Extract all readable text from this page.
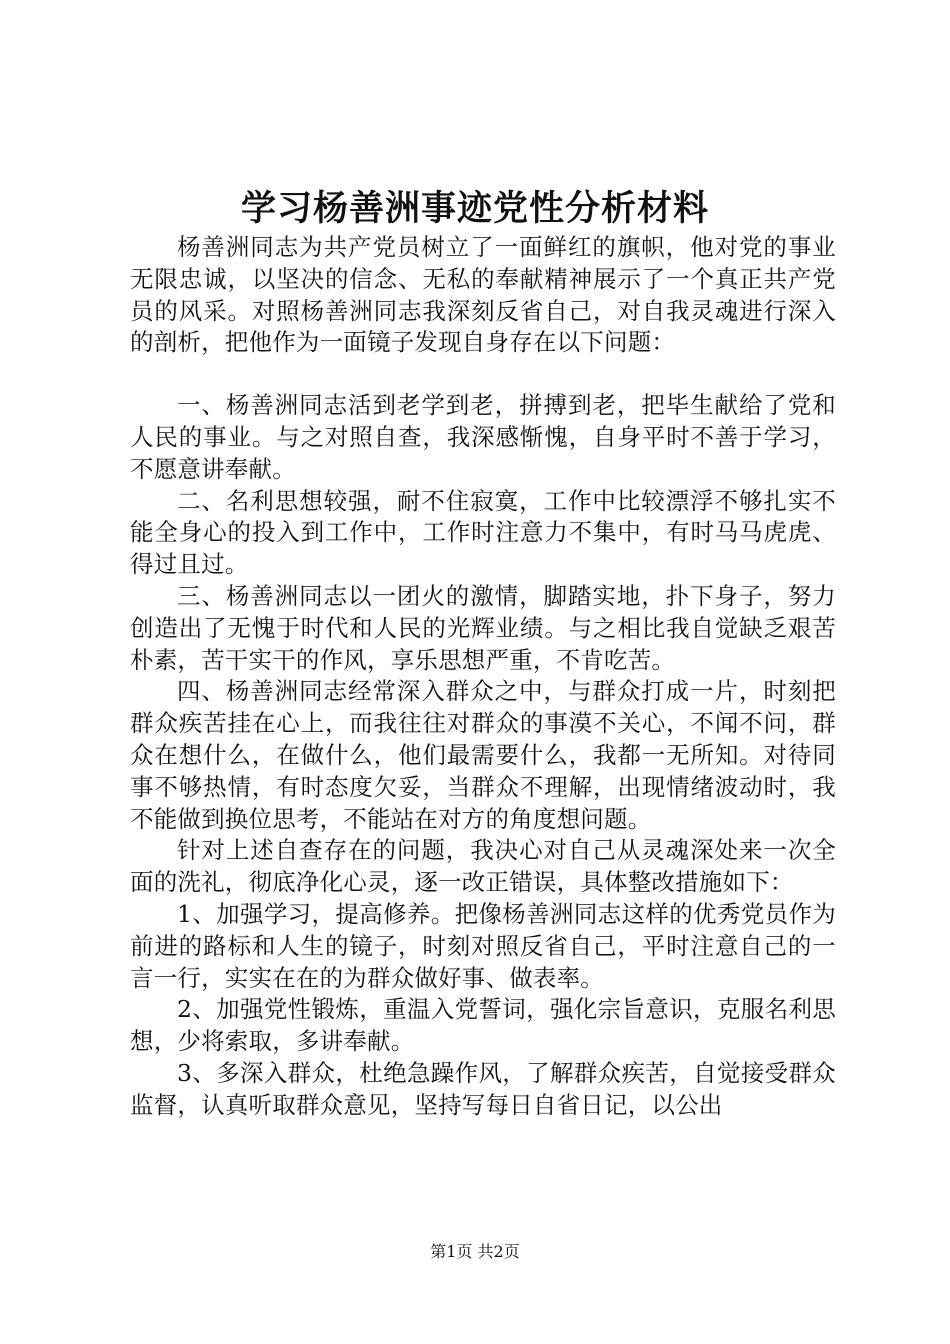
学习杨善洲事迹党性分析材料

杨善洲同志为共产党员树立了一面鲜红的旗帜，他对党的事业无限忠诚，以坚决的信念、无私的奉献精神展示了一个真正共产党员的风采。对照杨善洲同志我深刻反省自己，对自我灵魂进行深入的剖析，把他作为一面镜子发现自身存在以下问题：

一、杨善洲同志活到老学到老，拼搏到老，把毕生献给了党和人民的事业。与之对照自查，我深感惭愧，自身平时不善于学习，不愿意讲奉献。

二、名利思想较强，耐不住寂寞，工作中比较漂浮不够扎实不能全身心的投入到工作中，工作时注意力不集中，有时马马虎虎、得过且过。

三、杨善洲同志以一团火的激情，脚踏实地，扑下身子，努力创造出了无愧于时代和人民的光辉业绩。与之相比我自觉缺乏艰苦朴素，苦干实干的作风，享乐思想严重，不肯吃苦。

四、杨善洲同志经常深入群众之中，与群众打成一片，时刻把群众疾苦挂在心上，而我往往对群众的事漠不关心，不闻不问，群众在想什么，在做什么，他们最需要什么，我都一无所知。对待同事不够热情，有时态度欠妥，当群众不理解，出现情绪波动时，我不能做到换位思考，不能站在对方的角度想问题。

针对上述自查存在的问题，我决心对自己从灵魂深处来一次全面的洗礼，彻底净化心灵，逐一改正错误，具体整改措施如下：

1、加强学习，提高修养。把像杨善洲同志这样的优秀党员作为前进的路标和人生的镜子，时刻对照反省自己，平时注意自己的一言一行，实实在在的为群众做好事、做表率。

2、加强党性锻炼，重温入党誓词，强化宗旨意识，克服名利思想，少将索取，多讲奉献。

3、多深入群众，杜绝急躁作风，了解群众疾苦，自觉接受群众监督，认真听取群众意见，坚持写每日自省日记，以公出

第1页 共2页
